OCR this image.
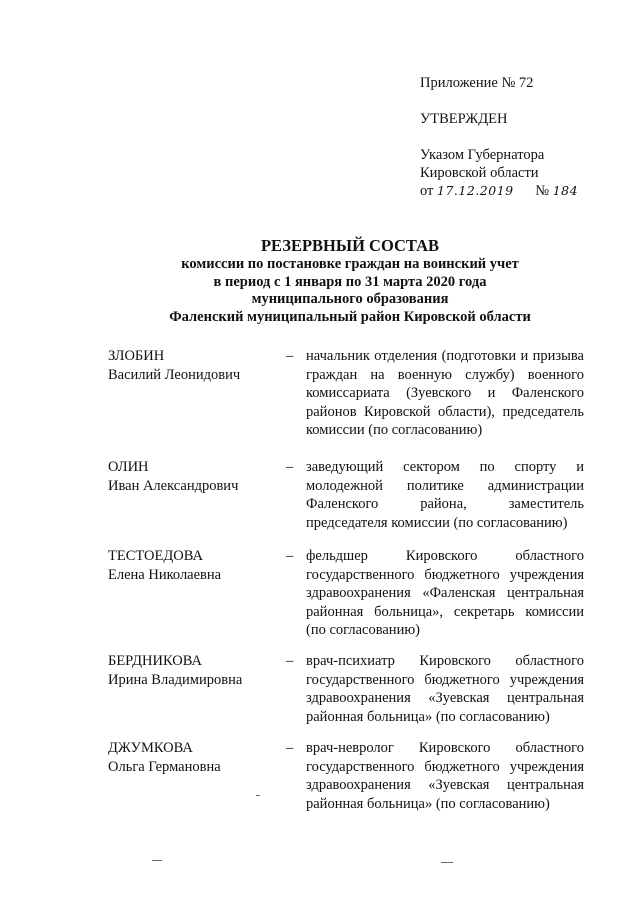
Приложение № 72
УТВЕРЖДЕН
Указом Губернатора
Кировской области
от 17.12.2019 № 184
РЕЗЕРВНЫЙ СОСТАВ
комиссии по постановке граждан на воинский учет
в период с 1 января по 31 марта 2020 года
муниципального образования
Фаленский муниципальный район Кировской области
ЗЛОБИН
Василий Леонидович
– начальник отделения (подготовки и призыва граждан на военную службу) военного комиссариата (Зуевского и Фаленского районов Кировской области), председатель комиссии (по согласованию)
ОЛИН
Иван Александрович
– заведующий сектором по спорту и молодежной политике администрации Фаленского района, заместитель председателя комиссии (по согласованию)
ТЕСТОЕДОВА
Елена Николаевна
– фельдшер Кировского областного государственного бюджетного учреждения здравоохранения «Фаленская центральная районная больница», секретарь комиссии (по согласованию)
БЕРДНИКОВА
Ирина Владимировна
– врач-психиатр Кировского областного государственного бюджетного учреждения здравоохранения «Зуевская центральная районная больница» (по согласованию)
ДЖУМКОВА
Ольга Германовна
– врач-невролог Кировского областного государственного бюджетного учреждения здравоохранения «Зуевская центральная районная больница» (по согласованию)
